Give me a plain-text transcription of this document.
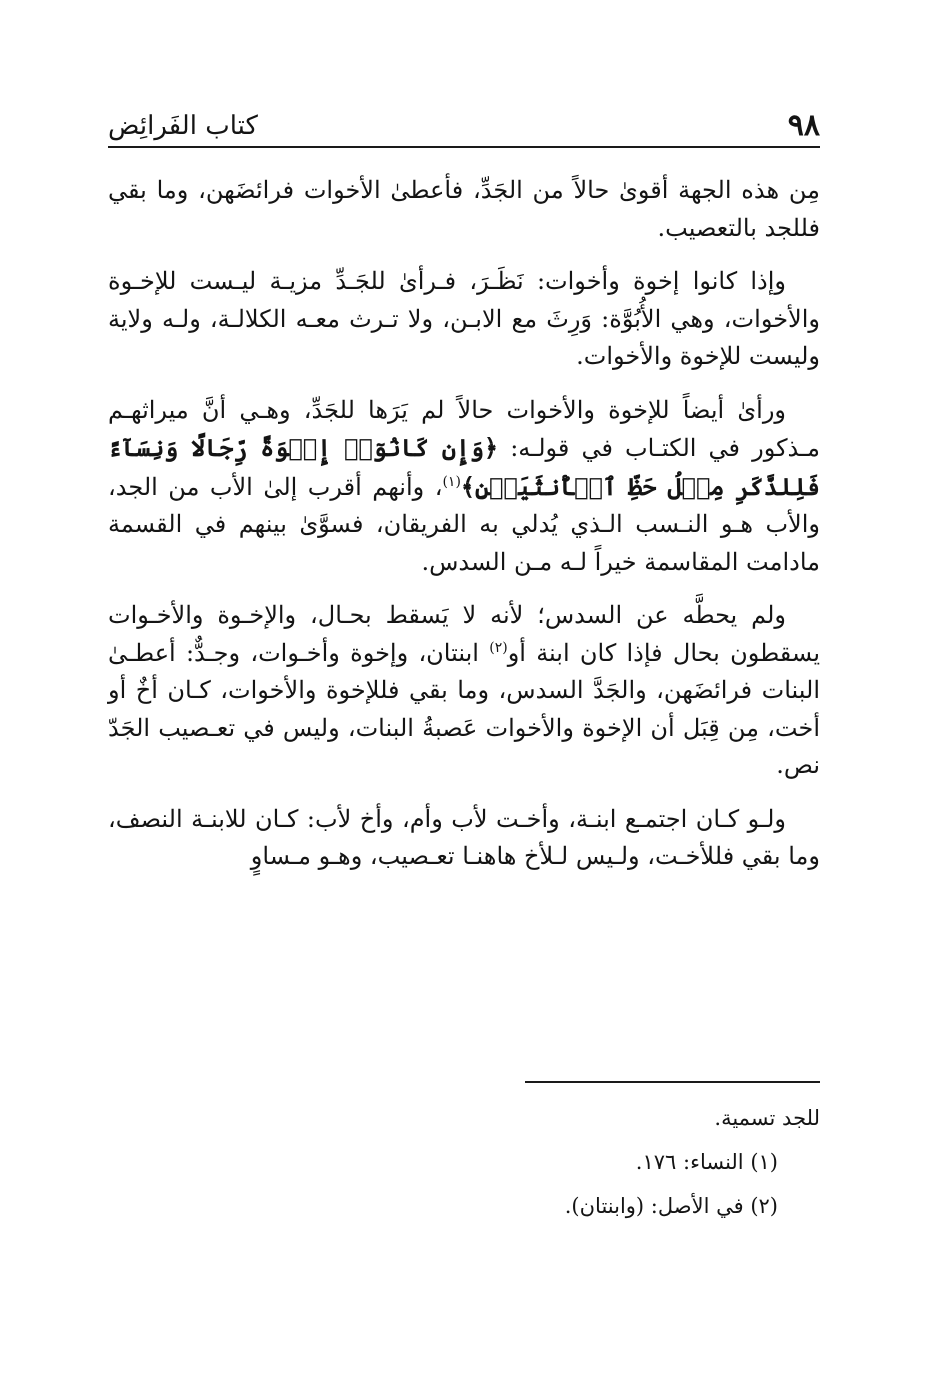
٩٨
كتاب الفَرائِض

مِن هذه الجهة أقوىٰ حالاً من الجَدِّ، فأعطىٰ الأخوات فرائضَهن، وما بقي فللجد بالتعصيب.

وإذا كانوا إخوة وأخوات: نَظَـرَ، فـرأىٰ للجَـدِّ مزيـة ليـست للإخـوة والأخوات، وهي الأُبُوَّة: وَرِثَ مع الابـن، ولا تـرث معـه الكلالـة، ولـه ولاية وليست للإخوة والأخوات.

ورأىٰ أيضاً للإخوة والأخوات حالاً لم يَرَها للجَدِّ، وهـي أنَّ ميراثهـم مـذكور في الكتـاب في قولـه: ﴿وَإِن كَانُوٓا۟ إِخۡوَةً رِّجَالًا وَنِسَآءً فَلِلذَّكَرِ مِثۡلُ حَظِّ ٱلۡأُنثَيَيۡنِ﴾$^{(١)}$، وأنهم أقرب إلىٰ الأب من الجد، والأب هـو النـسب الـذي يُدلي به الفريقان، فسوَّىٰ بينهم في القسمة مادامت المقاسمة خيراً لـه مـن السدس.

ولم يحطَّه عن السدس؛ لأنه لا يَسقط بحـال، والإخـوة والأخـوات يسقطون بحال فإذا كان ابنة أو$^{(٢)}$ ابنتان، وإخوة وأخـوات، وجـدٌّ: أعطـىٰ البنات فرائضَهن، والجَدَّ السدس، وما بقي فللإخوة والأخوات، كـان أخٌ أو أخت، مِن قِبَل أن الإخوة والأخوات عَصبةُ البنات، وليس في تعـصيب الجَدّ نص.

ولـو كـان اجتمـع ابنـة، وأخـت لأب وأم، وأخ لأب: كـان للابنـة النصف، وما بقي فللأخـت، ولـيس لـلأخ هاهنـا تعـصيب، وهـو مـساوٍ

للجد تسمية.
(١) النساء: ١٧٦.
(٢) في الأصل: (وابنتان).
